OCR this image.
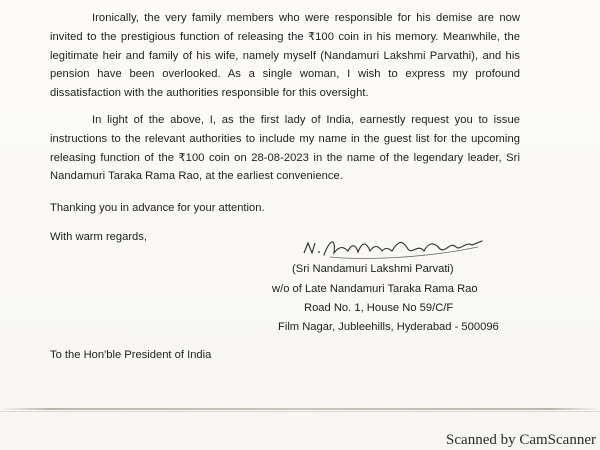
Ironically, the very family members who were responsible for his demise are now invited to the prestigious function of releasing the ₹100 coin in his memory. Meanwhile, the legitimate heir and family of his wife, namely myself (Nandamuri Lakshmi Parvathi), and his pension have been overlooked. As a single woman, I wish to express my profound dissatisfaction with the authorities responsible for this oversight.
In light of the above, I, as the first lady of India, earnestly request you to issue instructions to the relevant authorities to include my name in the guest list for the upcoming releasing function of the ₹100 coin on 28-08-2023 in the name of the legendary leader, Sri Nandamuri Taraka Rama Rao, at the earliest convenience.
Thanking you in advance for your attention.
With warm regards,
(Sri Nandamuri Lakshmi Parvati)
w/o of Late Nandamuri Taraka Rama Rao
Road No. 1, House No 59/C/F
Film Nagar, Jubleehills, Hyderabad - 500096
To the Hon'ble President of India
Scanned by CamScanner
